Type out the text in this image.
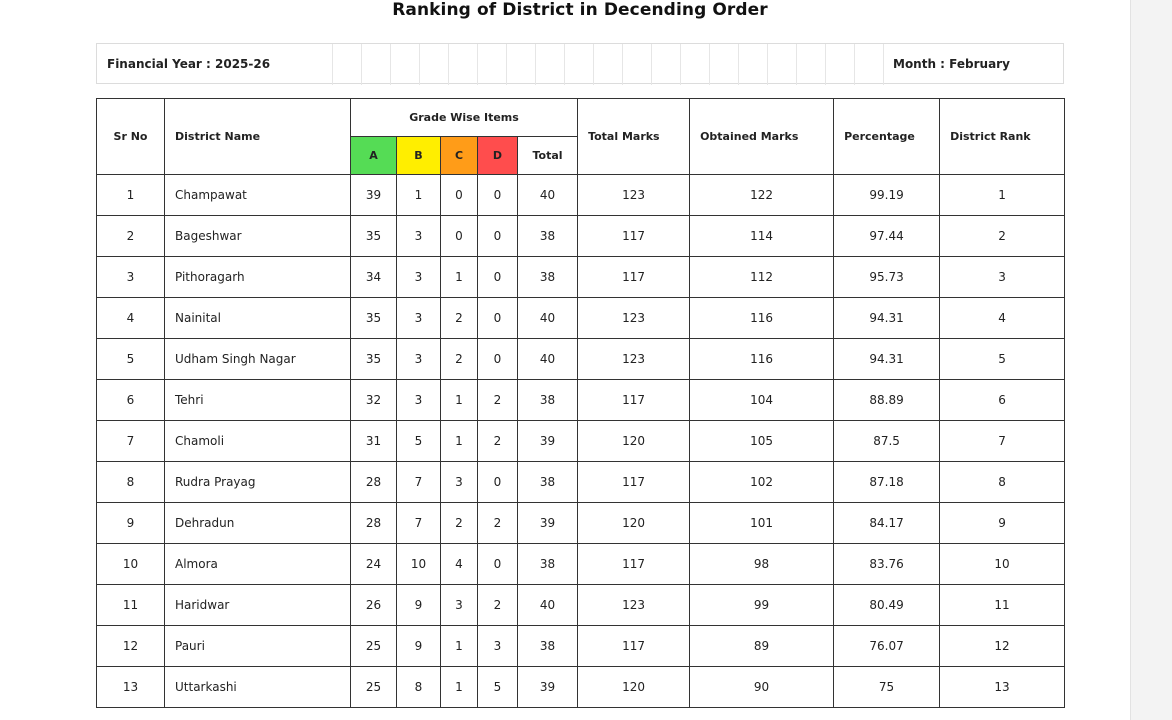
Ranking of District in Decending Order
Financial Year : 2025-26	Month : February
Sr No	District Name	Grade Wise Items					Total Marks	Obtained Marks	Percentage	District Rank
		A	B	C	D	Total				
1	Champawat	39	1	0	0	40	123	122	99.19	1
2	Bageshwar	35	3	0	0	38	117	114	97.44	2
3	Pithoragarh	34	3	1	0	38	117	112	95.73	3
4	Nainital	35	3	2	0	40	123	116	94.31	4
5	Udham Singh Nagar	35	3	2	0	40	123	116	94.31	5
6	Tehri	32	3	1	2	38	117	104	88.89	6
7	Chamoli	31	5	1	2	39	120	105	87.5	7
8	Rudra Prayag	28	7	3	0	38	117	102	87.18	8
9	Dehradun	28	7	2	2	39	120	101	84.17	9
10	Almora	24	10	4	0	38	117	98	83.76	10
11	Haridwar	26	9	3	2	40	123	99	80.49	11
12	Pauri	25	9	1	3	38	117	89	76.07	12
13	Uttarkashi	25	8	1	5	39	120	90	75	13
